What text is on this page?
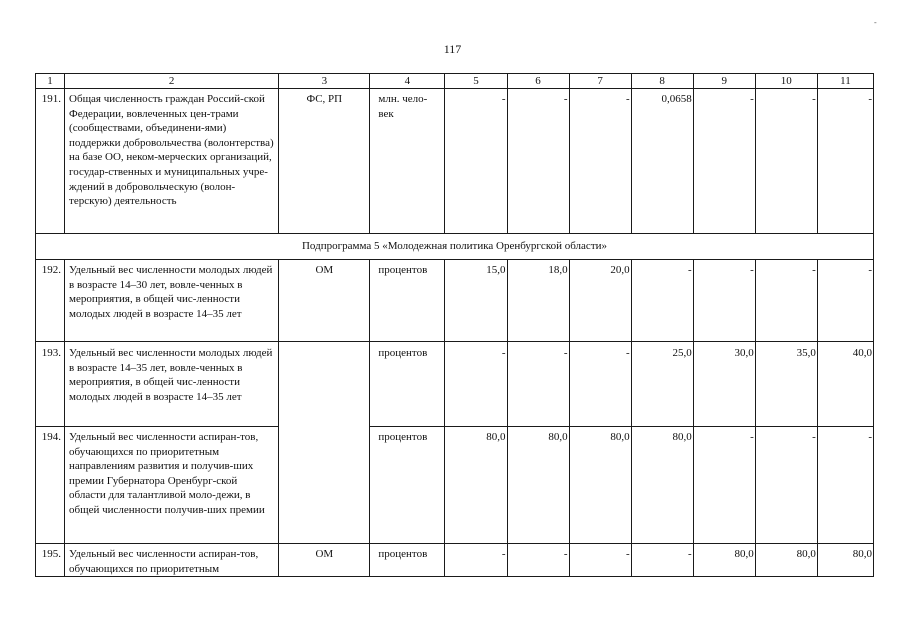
-
117
1	2	3	4	5	6	7	8	9	10	11
191.	Общая численность граждан Россий-ской Федерации, вовлеченных цен-трами (сообществами, объединени-ями) поддержки добровольчества (волонтерства) на базе ОО, неком-мерческих организаций, государ-ственных и муниципальных учре-ждений в добровольческую (волон-терскую) деятельность	ФС, РП	млн. чело-век	-	-	-	0,0658	-	-	-
Подпрограмма 5 «Молодежная политика Оренбургской области»										
192.	Удельный вес численности молодых людей в возрасте 14–30 лет, вовле-ченных в мероприятия, в общей чис-ленности молодых людей в возрасте 14–35 лет	ОМ	процентов	15,0	18,0	20,0	-	-	-	-
193.	Удельный вес численности молодых людей в возрасте 14–35 лет, вовле-ченных в мероприятия, в общей чис-ленности молодых людей в возрасте 14–35 лет		процентов	-	-	-	25,0	30,0	35,0	40,0
194.	Удельный вес численности аспиран-тов, обучающихся по приоритетным направлениям развития и получив-ших премии Губернатора Оренбург-ской области для талантливой моло-дежи, в общей численности получив-ших премии		процентов	80,0	80,0	80,0	80,0	-	-	-
195.	Удельный вес численности аспиран-тов, обучающихся по приоритетным	ОМ	процентов	-	-	-	-	80,0	80,0	80,0
